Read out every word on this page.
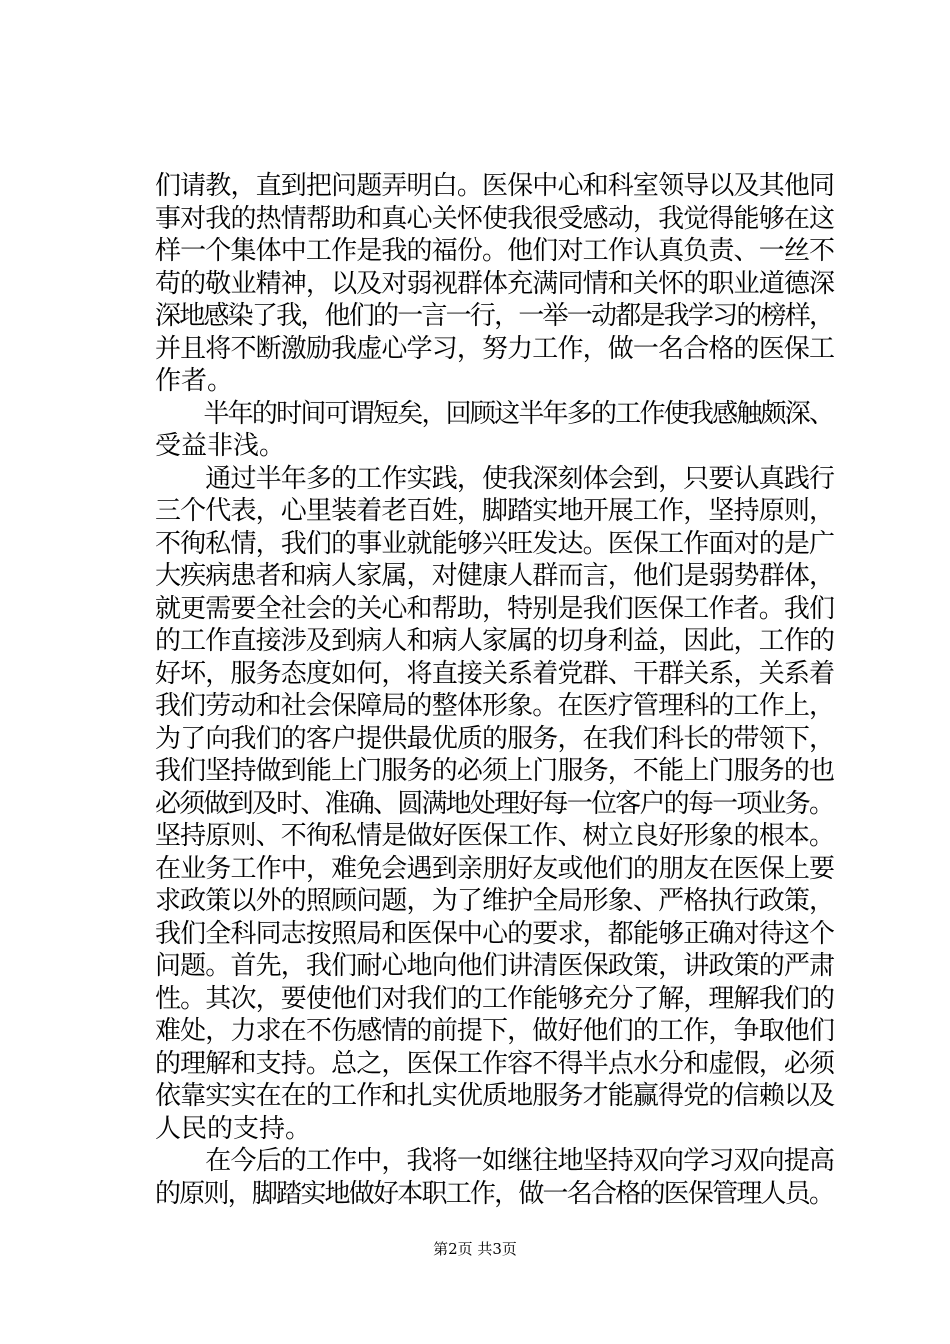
们请教，直到把问题弄明白。医保中心和科室领导以及其他同
事对我的热情帮助和真心关怀使我很受感动，我觉得能够在这
样一个集体中工作是我的福份。他们对工作认真负责、一丝不
苟的敬业精神，以及对弱视群体充满同情和关怀的职业道德深
深地感染了我，他们的一言一行，一举一动都是我学习的榜样，
并且将不断激励我虚心学习，努力工作，做一名合格的医保工
作者。
　　半年的时间可谓短矣，回顾这半年多的工作使我感触颇深、
受益非浅。
　　通过半年多的工作实践，使我深刻体会到，只要认真践行
三个代表，心里装着老百姓，脚踏实地开展工作，坚持原则，
不徇私情，我们的事业就能够兴旺发达。医保工作面对的是广
大疾病患者和病人家属，对健康人群而言，他们是弱势群体，
就更需要全社会的关心和帮助，特别是我们医保工作者。我们
的工作直接涉及到病人和病人家属的切身利益，因此，工作的
好坏，服务态度如何，将直接关系着党群、干群关系，关系着
我们劳动和社会保障局的整体形象。在医疗管理科的工作上，
为了向我们的客户提供最优质的服务，在我们科长的带领下，
我们坚持做到能上门服务的必须上门服务，不能上门服务的也
必须做到及时、准确、圆满地处理好每一位客户的每一项业务。
坚持原则、不徇私情是做好医保工作、树立良好形象的根本。
在业务工作中，难免会遇到亲朋好友或他们的朋友在医保上要
求政策以外的照顾问题，为了维护全局形象、严格执行政策，
我们全科同志按照局和医保中心的要求，都能够正确对待这个
问题。首先，我们耐心地向他们讲清医保政策，讲政策的严肃
性。其次，要使他们对我们的工作能够充分了解，理解我们的
难处，力求在不伤感情的前提下，做好他们的工作，争取他们
的理解和支持。总之，医保工作容不得半点水分和虚假，必须
依靠实实在在的工作和扎实优质地服务才能赢得党的信赖以及
人民的支持。
　　在今后的工作中，我将一如继往地坚持双向学习双向提高
的原则，脚踏实地做好本职工作，做一名合格的医保管理人员。
第2页 共3页
